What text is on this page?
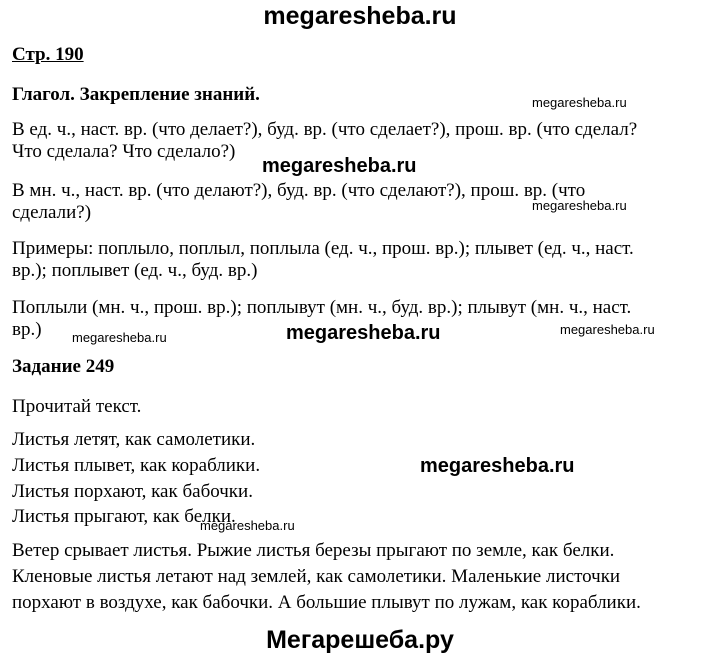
megaresheba.ru
Стр. 190
Глагол. Закрепление знаний.	megaresheba.ru
В ед. ч., наст. вр. (что делает?), буд. вр. (что сделает?), прош. вр. (что сделал?
Что сделала? Что сделало?)
megaresheba.ru
В мн. ч., наст. вр. (что делают?), буд. вр. (что сделают?), прош. вр. (что
сделали?)	megaresheba.ru
Примеры: поплыло, поплыл, поплыла (ед. ч., прош. вр.); плывет (ед. ч., наст.
вр.); поплывет (ед. ч., буд. вр.)
Поплыли (мн. ч., прош. вр.); поплывут (мн. ч., буд. вр.); плывут (мн. ч., наст.
вр.) megaresheba.ru	megaresheba.ru	megaresheba.ru
Задание 249
Прочитай текст.
Листья летят, как самолетики.
Листья плывет, как кораблики.	megaresheba.ru
Листья порхают, как бабочки.
Листья прыгают, как белки.
megaresheba.ru
Ветер срывает листья. Рыжие листья березы прыгают по земле, как белки.
Кленовые листья летают над землей, как самолетики. Маленькие листочки
порхают в воздухе, как бабочки. А большие плывут по лужам, как кораблики.
Мегарешеба.ру
